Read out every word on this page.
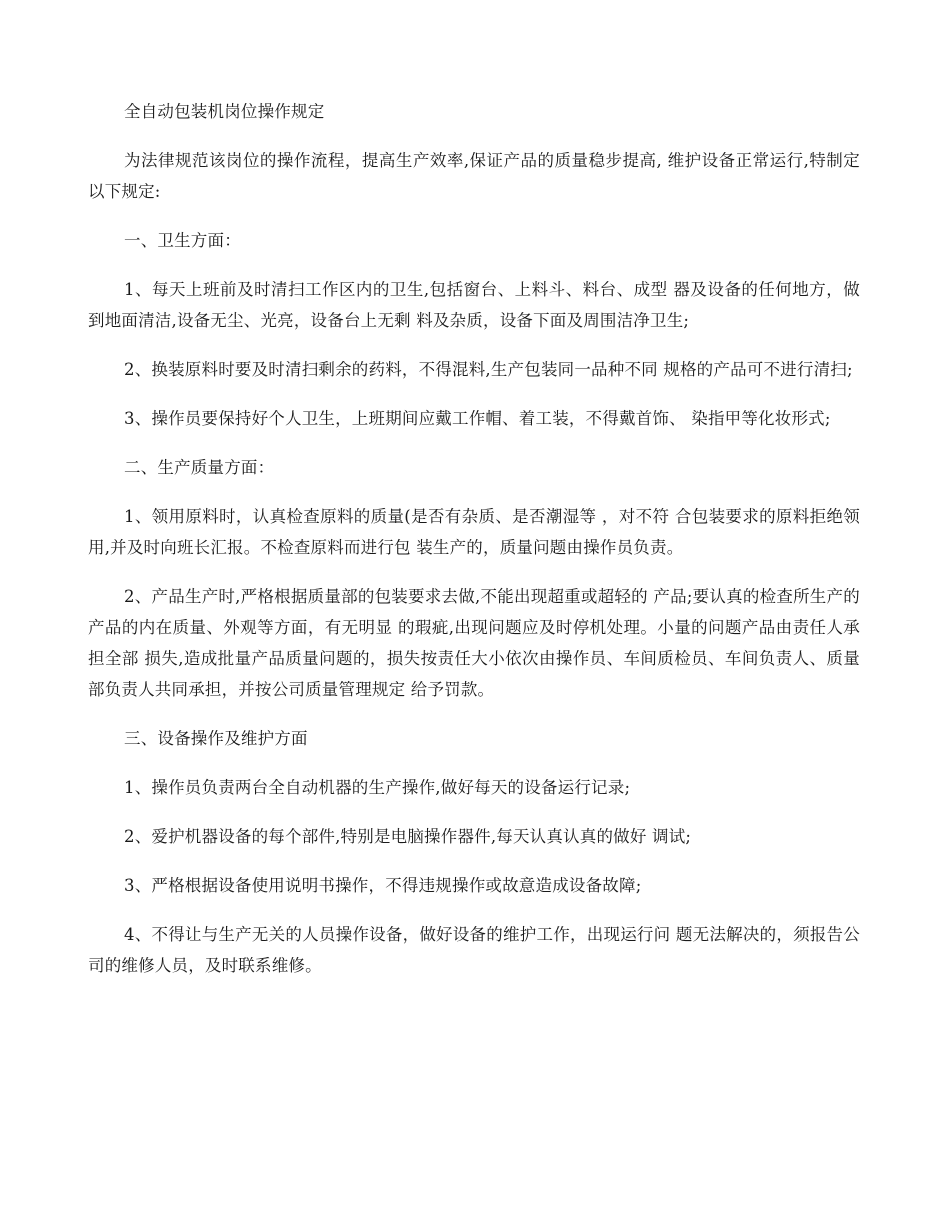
全自动包装机岗位操作规定

为法律规范该岗位的操作流程，提高生产效率,保证产品的质量稳步提高, 维护设备正常运行,特制定以下规定:

一、卫生方面：

1、每天上班前及时清扫工作区内的卫生,包括窗台、上料斗、料台、成型 器及设备的任何地方，做到地面清洁,设备无尘、光亮，设备台上无剩 料及杂质，设备下面及周围洁净卫生;

2、换装原料时要及时清扫剩余的药料，不得混料,生产包装同一品种不同 规格的产品可不进行清扫;

3、操作员要保持好个人卫生，上班期间应戴工作帽、着工装，不得戴首饰、 染指甲等化妆形式;

二、生产质量方面：

1、领用原料时，认真检查原料的质量(是否有杂质、是否潮湿等 ，对不符 合包装要求的原料拒绝领用,并及时向班长汇报。不检查原料而进行包 装生产的，质量问题由操作员负责。

2、产品生产时,严格根据质量部的包装要求去做,不能出现超重或超轻的 产品;要认真的检查所生产的产品的内在质量、外观等方面，有无明显 的瑕疵,出现问题应及时停机处理。小量的问题产品由责任人承担全部 损失,造成批量产品质量问题的，损失按责任大小依次由操作员、车间质检员、车间负责人、质量部负责人共同承担，并按公司质量管理规定 给予罚款。

三、设备操作及维护方面

1、操作员负责两台全自动机器的生产操作,做好每天的设备运行记录;

2、爱护机器设备的每个部件,特别是电脑操作器件,每天认真认真的做好 调试;

3、严格根据设备使用说明书操作，不得违规操作或故意造成设备故障;

4、不得让与生产无关的人员操作设备，做好设备的维护工作，出现运行问 题无法解决的，须报告公司的维修人员，及时联系维修。
